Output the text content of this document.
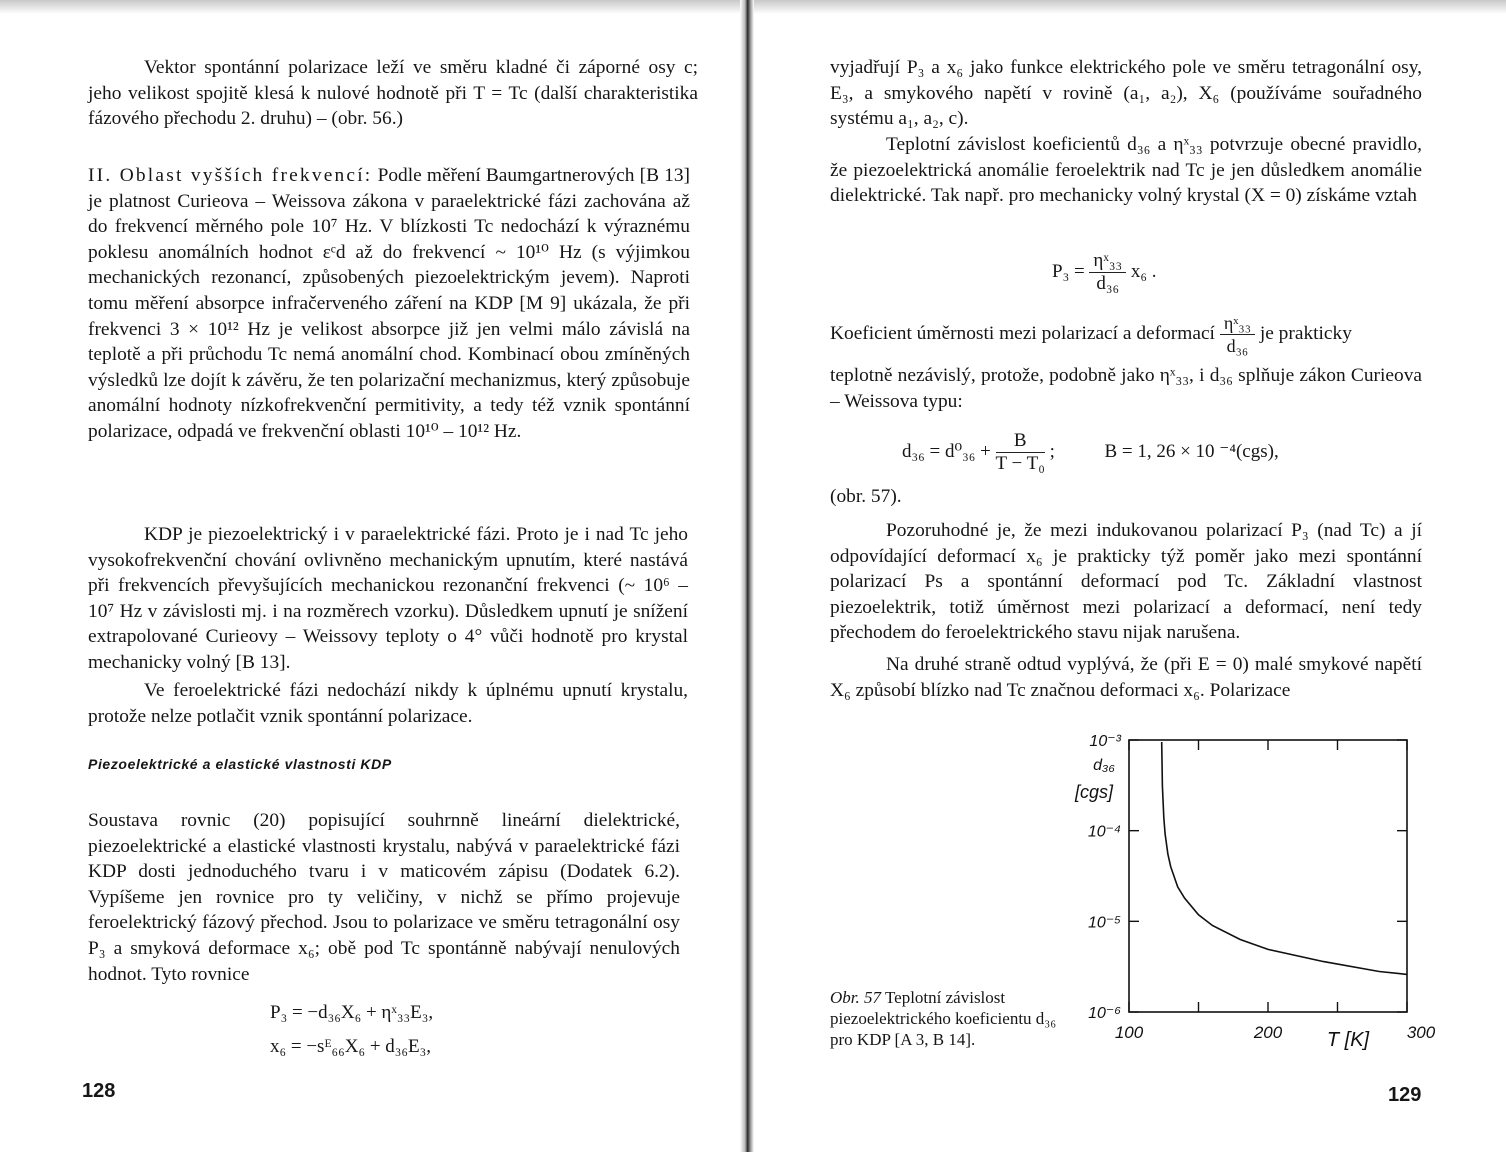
Vektor spontánní polarizace leží ve směru kladné či záporné osy c; jeho velikost spojitě klesá k nulové hodnotě při T = Tc (další charakteristika fázového přechodu 2. druhu) – (obr. 56.)

II. Oblast vyšších frekvencí: Podle měření Baumgartnerových [B 13] je platnost Curieova – Weissova zákona v paraelektrické fázi zachována až do frekvencí měrného pole 10⁷ Hz. V blízkosti Tc nedochází k výraznému poklesu anomálních hodnot εᶜd až do frekvencí ~ 10¹⁰ Hz (s výjimkou mechanických rezonancí, způsobených piezoelektrickým jevem). Naproti tomu měření absorpce infračerveného záření na KDP [M 9] ukázala, že při frekvenci 3 × 10¹² Hz je velikost absorpce již jen velmi málo závislá na teplotě a při průchodu Tc nemá anomální chod. Kombinací obou zmíněných výsledků lze dojít k závěru, že ten polarizační mechanizmus, který způsobuje anomální hodnoty nízkofrekvenční permitivity, a tedy též vznik spontánní polarizace, odpadá ve frekvenční oblasti 10¹⁰ – 10¹² Hz.

KDP je piezoelektrický i v paraelektrické fázi. Proto je i nad Tc jeho vysokofrekvenční chování ovlivněno mechanickým upnutím, které nastává při frekvencích převyšujících mechanickou rezonanční frekvenci (~ 10⁶ – 10⁷ Hz v závislosti mj. i na rozměrech vzorku). Důsledkem upnutí je snížení extrapolované Curieovy – Weissovy teploty o 4° vůči hodnotě pro krystal mechanicky volný [B 13].

Ve feroelektrické fázi nedochází nikdy k úplnému upnutí krystalu, protože nelze potlačit vznik spontánní polarizace.

Piezoelektrické a elastické vlastnosti KDP

Soustava rovnic (20) popisující souhrnně lineární dielektrické, piezoelektrické a elastické vlastnosti krystalu, nabývá v paraelektrické fázi KDP dosti jednoduchého tvaru i v maticovém zápisu (Dodatek 6.2). Vypíšeme jen rovnice pro ty veličiny, v nichž se přímo projevuje feroelektrický fázový přechod. Jsou to polarizace ve směru tetragonální osy P₃ a smyková deformace x₆; obě pod Tc spontánně nabývají nenulových hodnot. Tyto rovnice

P₃ = −d₃₆X₆ + ηˣ₃₃E₃,
x₆ = −sᴱ₆₆X₆ + d₃₆E₃,
128

vyjadřují P₃ a x₆ jako funkce elektrického pole ve směru tetragonální osy, E₃, a smykového napětí v rovině (a₁, a₂), X₆ (používáme souřadného systému a₁, a₂, c).

Teplotní závislost koeficientů d₃₆ a ηˣ₃₃ potvrzuje obecné pravidlo, že piezoelektrická anomálie feroelektrik nad Tc je jen důsledkem anomálie dielektrické. Tak např. pro mechanicky volný krystal (X = 0) získáme vztah

$P_3 = \frac{\text{ηˣ₃₃}}{\text{d₃₆}} x_6$ .
Koeficient úměrnosti mezi polarizací a deformací $\frac{\text{ηˣ₃₃}}{\text{d₃₆}}$ je prakticky

teplotně nezávislý, protože, podobně jako ηˣ₃₃, i d₃₆ splňuje zákon Curieova – Weissova typu:

$d_{36} = d^0_{36} + \frac{B}{\text{T − T₀}}$ ;	B = 1, 26 × 10 ⁻⁴(cgs),

(obr. 57).

Pozoruhodné je, že mezi indukovanou polarizací P₃ (nad Tc) a jí odpovídající deformací x₆ je prakticky týž poměr jako mezi spontánní polarizací Ps a spontánní deformací pod Tc. Základní vlastnost piezoelektrik, totiž úměrnost mezi polarizací a deformací, není tedy přechodem do feroelektrického stavu nijak narušena.

Na druhé straně odtud vyplývá, že (při E = 0) malé smykové napětí X₆ způsobí blízko nad Tc značnou deformaci x₆. Polarizace

129
Obr. 57 Teplotní závislost piezoelektrického koeficientu d₃₆ pro KDP [A 3, B 14].
10⁻³
10⁻⁴
10⁻⁵
10⁻⁶
100	200	300
T [K]
d₃₆
[cgs]
